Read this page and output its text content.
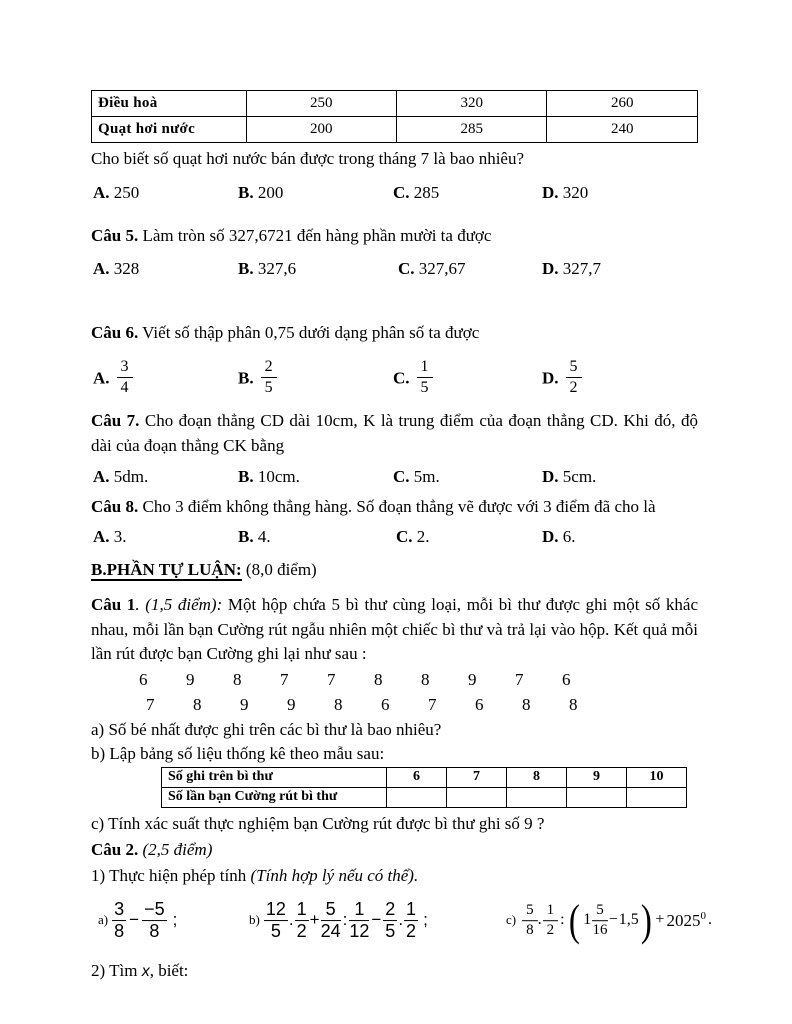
Điều hoà	250	320	260
Quạt hơi nước	200	285	240
Cho biết số quạt hơi nước bán được trong tháng 7 là bao nhiêu?
A. 250	B. 200	C. 285	D. 320
Câu 5. Làm tròn số 327,6721 đến hàng phần mười ta được
A. 328	B. 327,6	C. 327,67	D. 327,7
Câu 6. Viết số thập phân 0,75 dưới dạng phân số ta được
A. $\frac{3}{4}$	B. $\frac{2}{5}$	C. $\frac{1}{5}$	D. $\frac{5}{2}$
Câu 7. Cho đoạn thẳng CD dài 10cm, K là trung điểm của đoạn thẳng CD. Khi đó, độ dài của đoạn thẳng CK bằng
A. 5dm.	B. 10cm.	C. 5m.	D. 5cm.
Câu 8. Cho 3 điểm không thẳng hàng. Số đoạn thẳng vẽ được với 3 điểm đã cho là
A. 3.	B. 4.	C. 2.	D. 6.
B.PHẦN TỰ LUẬN: (8,0 điểm)
Câu 1. (1,5 điểm): Một hộp chứa 5 bì thư cùng loại, mỗi bì thư được ghi một số khác nhau, mỗi lần bạn Cường rút ngẫu nhiên một chiếc bì thư và trả lại vào hộp. Kết quả mỗi lần rút được bạn Cường ghi lại như sau :
6	9	8	7	7	8	8	9	7	6
7	8	9	9	8	6	7	6	8	8
a) Số bé nhất được ghi trên các bì thư là bao nhiêu?
b) Lập bảng số liệu thống kê theo mẫu sau:
Số ghi trên bì thư	6	7	8	9	10
Số lần bạn Cường rút bì thư					
c) Tính xác suất thực nghiệm bạn Cường rút được bì thư ghi số 9 ?
Câu 2. (2,5 điểm)
1) Thực hiện phép tính (Tính hợp lý nếu có thể).
$a) \frac{3}{8} - \frac{-5}{8}$ ;	$b) \frac{12}{5}$ . $\frac{1}{2} + \frac{5}{24}$ : $\frac{1}{12} - \frac{2}{5}$ . $\frac{1}{2}$ ;	$c) \frac{5}{8}$ . $\frac{1}{2}$ : ( $1 \frac{5}{16} - 1,5$ ) + $2025^0$ .
2) Tìm x, biết:
